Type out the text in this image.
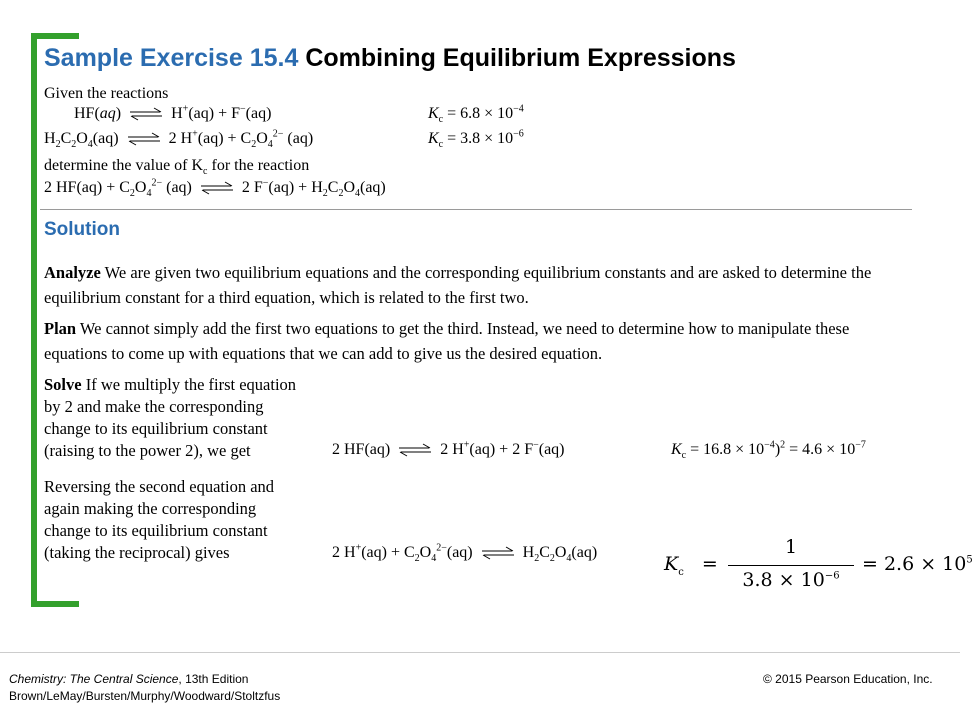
Sample Exercise 15.4 Combining Equilibrium Expressions
Given the reactions
HF(aq) ⇌ H+(aq) + F−(aq)	$K_c = 6.8 \times 10^{-4}$
$H_2C_2O_4(aq)$ ⇌ 2 $H^+(aq) + C_2O_4^{2-}$ (aq)	$K_c = 3.8 \times 10^{-6}$
determine the value of $K_c$ for the reaction
2 $HF(aq) + C_2O_4^{2-}$ (aq) ⇌ 2 $F^-(aq) + H_2C_2O_4(aq)$
Solution
Analyze We are given two equilibrium equations and the corresponding equilibrium constants and are asked to determine the equilibrium constant for a third equation, which is related to the first two.
Plan We cannot simply add the first two equations to get the third. Instead, we need to determine how to manipulate these equations to come up with equations that we can add to give us the desired equation.
Solve If we multiply the first equation
by 2 and make the corresponding
change to its equilibrium constant
(raising to the power 2), we get	2 HF(aq) ⇌ 2 H+(aq) + 2 F−(aq)	$K_c = 16.8 \times 10^{-4})^2 = 4.6 \times 10^{-7}$
Reversing the second equation and
again making the corresponding
change to its equilibrium constant
(taking the reciprocal) gives	2 $H^+(aq) + C_2O_4^{2-}(aq)$ ⇌ $H_2C_2O_4(aq)$
$K_c$ =
1
$3.8 \times 10^{-6}$
= $2.6 \times 10^5$
Chemistry: The Central Science, 13th Edition
Brown/LeMay/Bursten/Murphy/Woodward/Stoltzfus
© 2015 Pearson Education, Inc.
